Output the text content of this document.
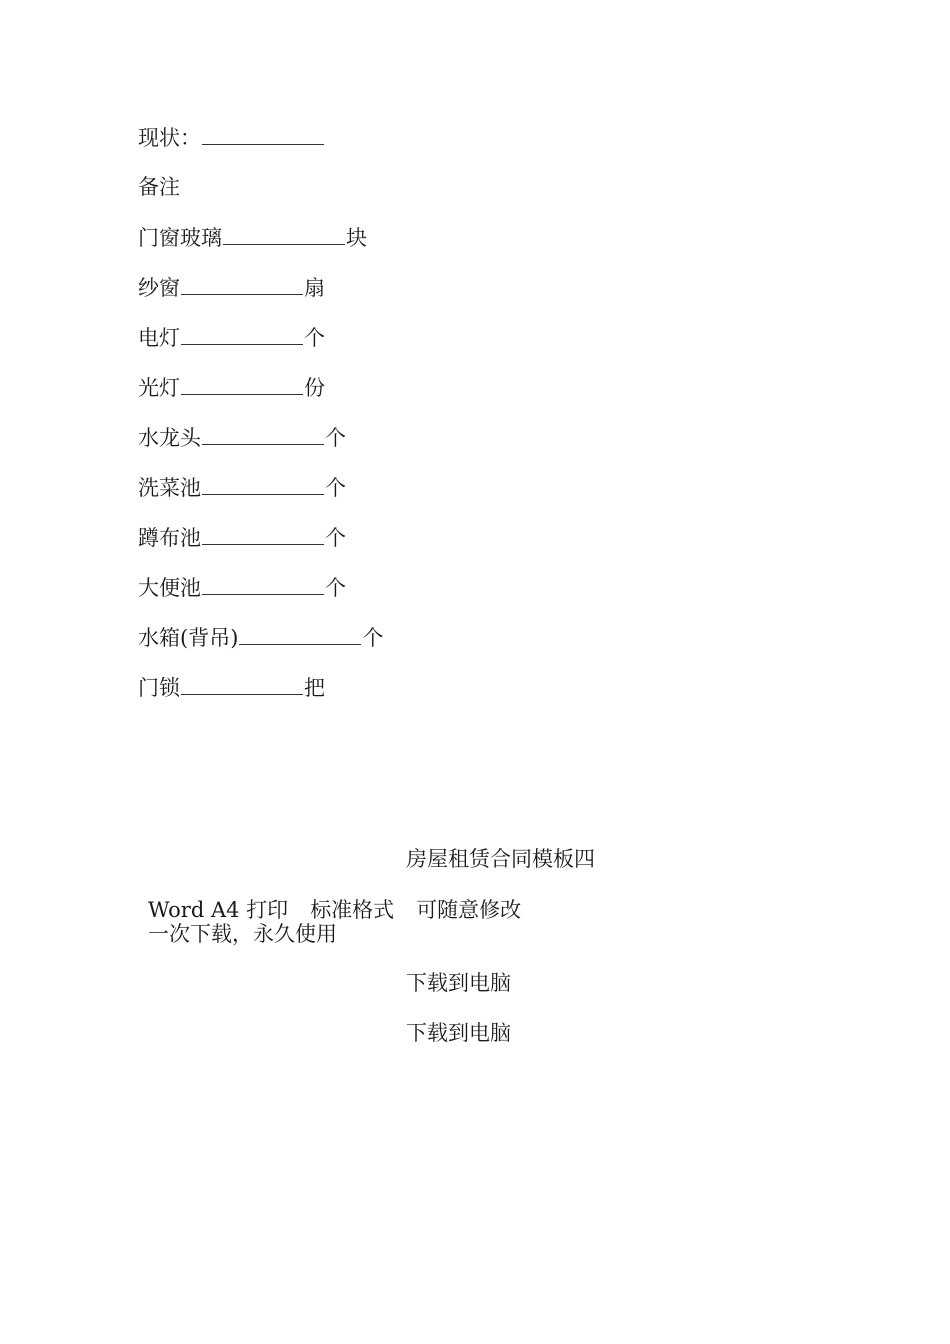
现状：
备注
门窗玻璃	块
纱窗	扇
电灯	个
光灯	份
水龙头	个
洗菜池	个
蹲布池	个
大便池	个
水箱(背吊)	个
门锁	把
房屋租赁合同模板四
Word A4 打印 标准格式 可随意修改
一次下载，永久使用
下载到电脑
下载到电脑
